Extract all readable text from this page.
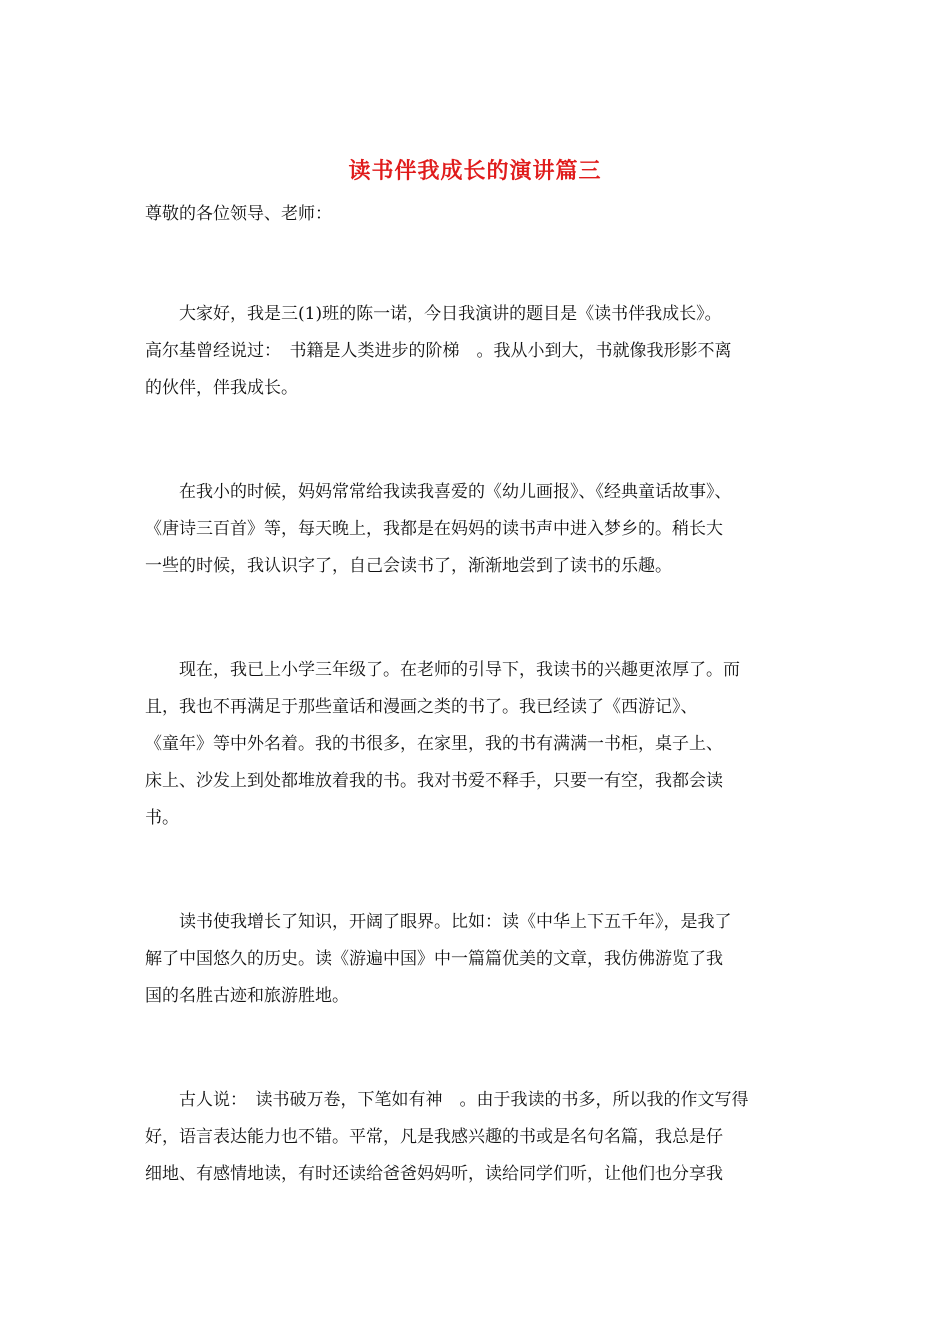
读书伴我成长的演讲篇三
尊敬的各位领导、老师：
　　大家好，我是三(1)班的陈一诺，今日我演讲的题目是《读书伴我成长》。
高尔基曾经说过：　书籍是人类进步的阶梯　。我从小到大，书就像我形影不离
的伙伴，伴我成长。
　　在我小的时候，妈妈常常给我读我喜爱的《幼儿画报》、《经典童话故事》、
《唐诗三百首》等，每天晚上，我都是在妈妈的读书声中进入梦乡的。稍长大
一些的时候，我认识字了，自己会读书了，渐渐地尝到了读书的乐趣。
　　现在，我已上小学三年级了。在老师的引导下，我读书的兴趣更浓厚了。而
且，我也不再满足于那些童话和漫画之类的书了。我已经读了《西游记》、
《童年》等中外名着。我的书很多，在家里，我的书有满满一书柜，桌子上、
床上、沙发上到处都堆放着我的书。我对书爱不释手，只要一有空，我都会读
书。
　　读书使我增长了知识，开阔了眼界。比如：读《中华上下五千年》，是我了
解了中国悠久的历史。读《游遍中国》中一篇篇优美的文章，我仿佛游览了我
国的名胜古迹和旅游胜地。
　　古人说：　读书破万卷，下笔如有神　。由于我读的书多，所以我的作文写得
好，语言表达能力也不错。平常，凡是我感兴趣的书或是名句名篇，我总是仔
细地、有感情地读，有时还读给爸爸妈妈听，读给同学们听，让他们也分享我
